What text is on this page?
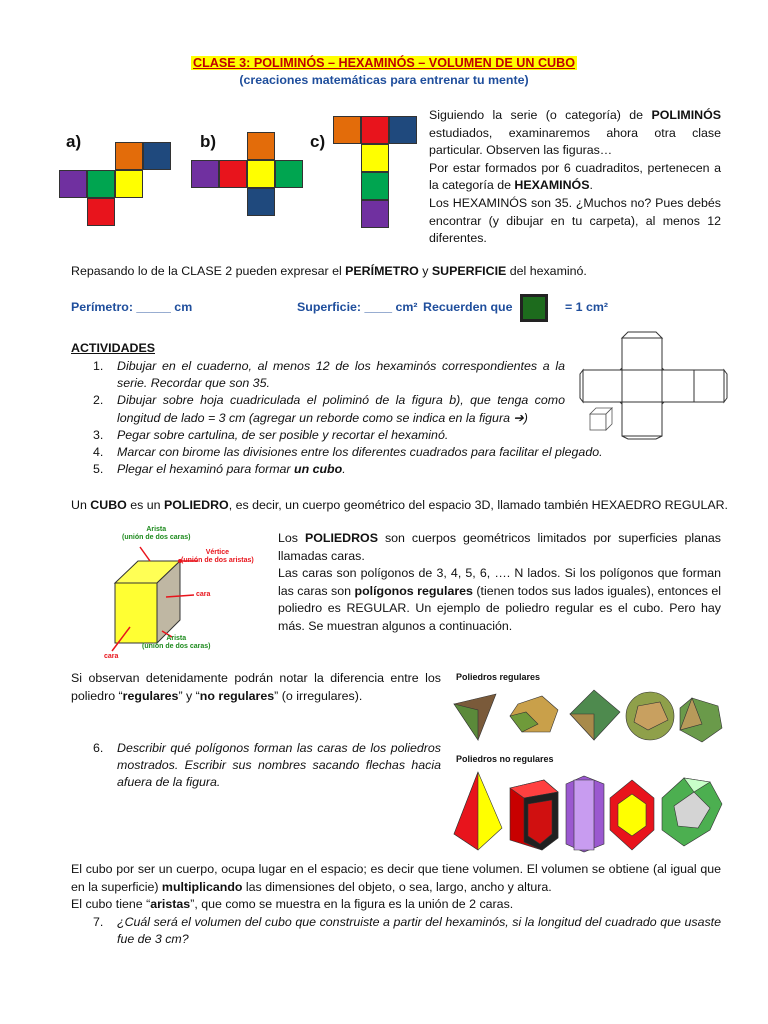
CLASE 3: POLIMINÓS – HEXAMINÓS – VOLUMEN DE UN CUBO
(creaciones matemáticas para entrenar tu mente)
a)	b)	c)
Siguiendo la serie (o categoría) de POLIMINÓS estudiados, examinaremos ahora otra clase particular. Observen las figuras…
Por estar formados por 6 cuadraditos, pertenecen a la categoría de HEXAMINÓS.
Los HEXAMINÓS son 35. ¿Muchos no? Pues debés encontrar (y dibujar en tu carpeta), al menos 12 diferentes.
Repasando lo de la CLASE 2 pueden expresar el PERÍMETRO y SUPERFICIE del hexaminó.
Perímetro: _____ cm	Superficie: ____ cm² Recuerden que	= 1 cm²
ACTIVIDADES
1. Dibujar en el cuaderno, al menos 12 de los hexaminós correspondientes a la serie. Recordar que son 35.
2. Dibujar sobre hoja cuadriculada el poliminó de la figura b), que tenga como longitud de lado = 3 cm (agregar un reborde como se indica en la figura ➔)
3. Pegar sobre cartulina, de ser posible y recortar el hexaminó.
4. Marcar con birome las divisiones entre los diferentes cuadrados para facilitar el plegado.
5. Plegar el hexaminó para formar un cubo.
Un CUBO es un POLIEDRO, es decir, un cuerpo geométrico del espacio 3D, llamado también HEXAEDRO REGULAR.
Arista
(unión de dos caras)
Vértice
(unión de dos aristas)
cara
Arista
(unión de dos caras)
cara
Los POLIEDROS son cuerpos geométricos limitados por superficies planas llamadas caras.
Las caras son polígonos de 3, 4, 5, 6, …. N lados. Si los polígonos que forman las caras son polígonos regulares (tienen todos sus lados iguales), entonces el poliedro es REGULAR. Un ejemplo de poliedro regular es el cubo. Pero hay más. Se muestran algunos a continuación.
Si observan detenidamente podrán notar la diferencia entre los poliedro “regulares” y “no regulares” (o irregulares).
6. Describir qué polígonos forman las caras de los poliedros mostrados. Escribir sus nombres sacando flechas hacia afuera de la figura.
Poliedros regulares
Poliedros no regulares
El cubo por ser un cuerpo, ocupa lugar en el espacio; es decir que tiene volumen. El volumen se obtiene (al igual que en la superficie) multiplicando las dimensiones del objeto, o sea, largo, ancho y altura.
El cubo tiene “aristas”, que como se muestra en la figura es la unión de 2 caras.
7. ¿Cuál será el volumen del cubo que construiste a partir del hexaminós, si la longitud del cuadrado que usaste fue de 3 cm?
